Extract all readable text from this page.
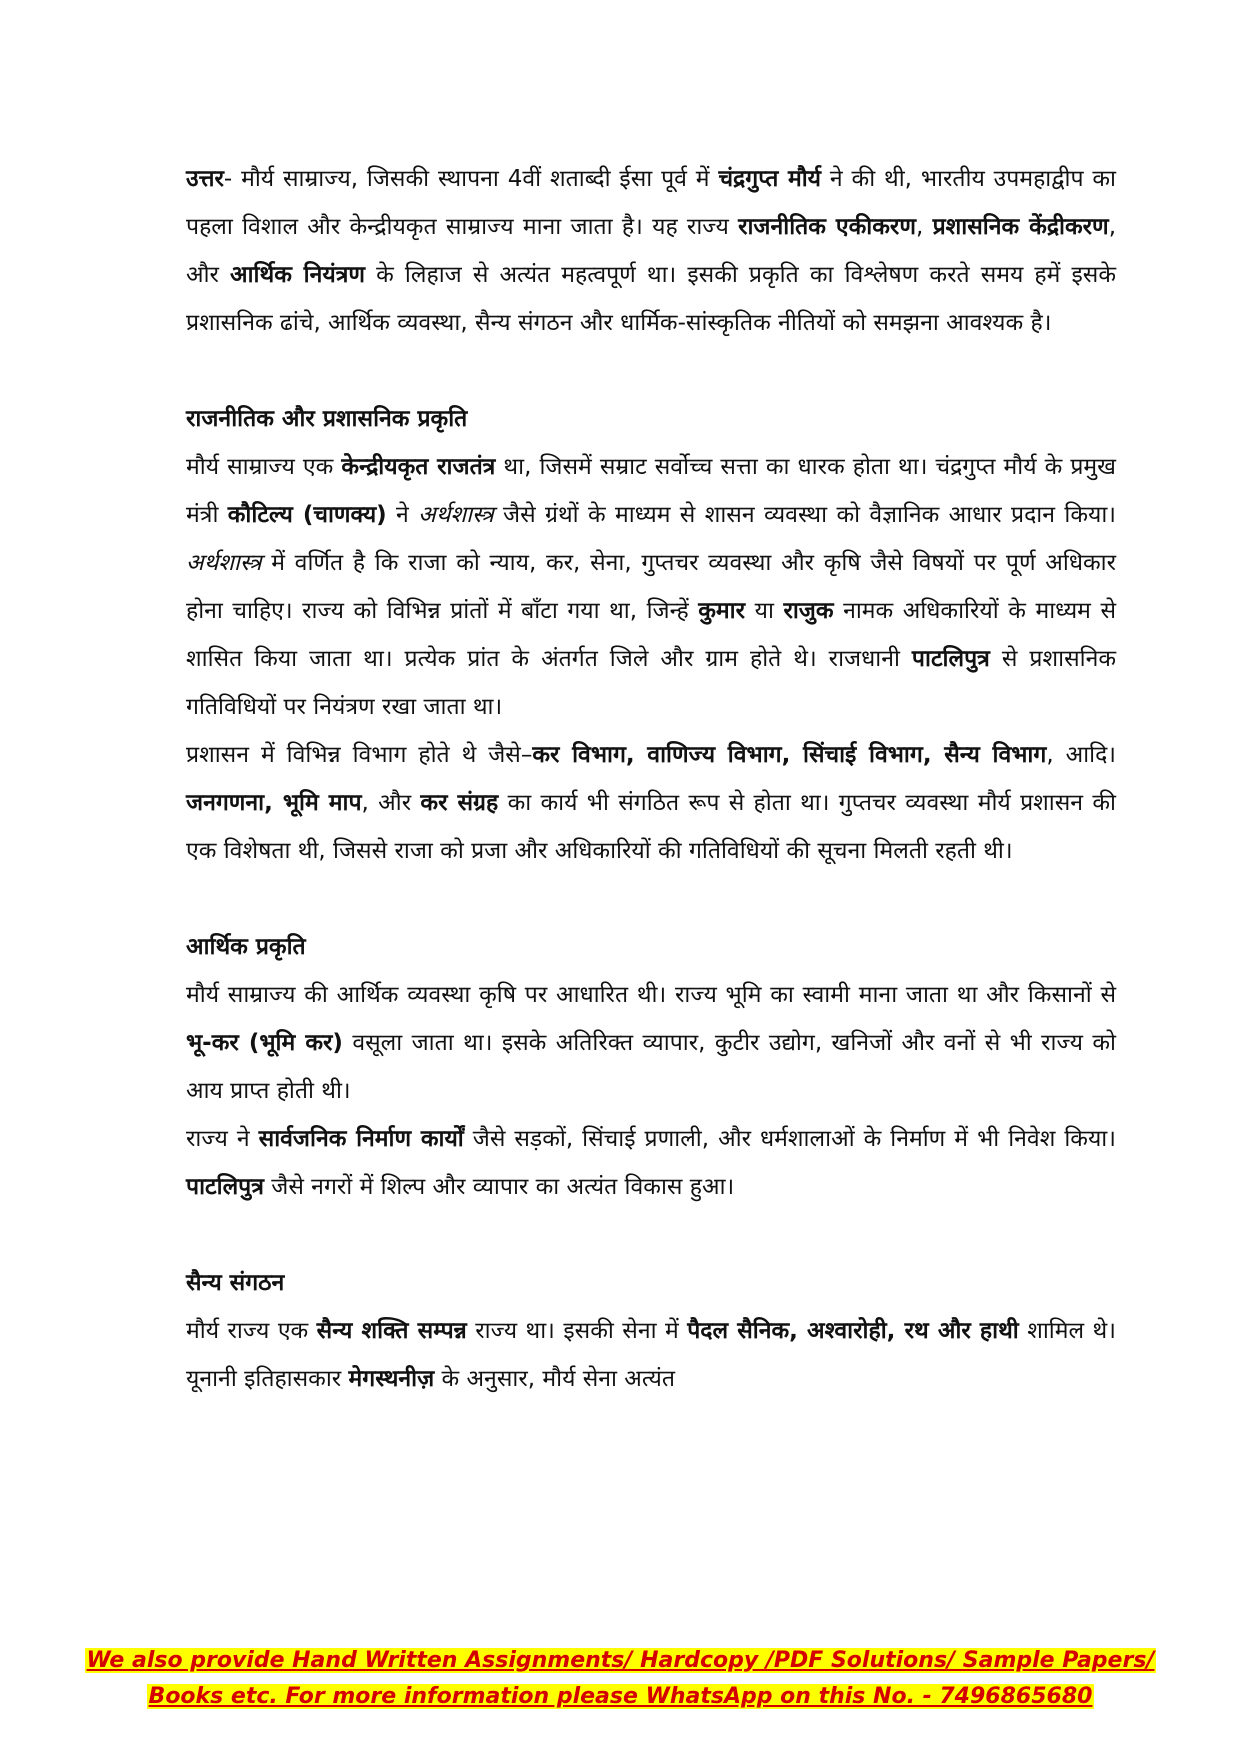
उत्तर- मौर्य साम्राज्य, जिसकी स्थापना 4वीं शताब्दी ईसा पूर्व में चंद्रगुप्त मौर्य ने की थी, भारतीय उपमहाद्वीप का पहला विशाल और केन्द्रीयकृत साम्राज्य माना जाता है। यह राज्य राजनीतिक एकीकरण, प्रशासनिक केंद्रीकरण, और आर्थिक नियंत्रण के लिहाज से अत्यंत महत्वपूर्ण था। इसकी प्रकृति का विश्लेषण करते समय हमें इसके प्रशासनिक ढांचे, आर्थिक व्यवस्था, सैन्य संगठन और धार्मिक-सांस्कृतिक नीतियों को समझना आवश्यक है।

राजनीतिक और प्रशासनिक प्रकृति

मौर्य साम्राज्य एक केन्द्रीयकृत राजतंत्र था, जिसमें सम्राट सर्वोच्च सत्ता का धारक होता था। चंद्रगुप्त मौर्य के प्रमुख मंत्री कौटिल्य (चाणक्य) ने अर्थशास्त्र जैसे ग्रंथों के माध्यम से शासन व्यवस्था को वैज्ञानिक आधार प्रदान किया। अर्थशास्त्र में वर्णित है कि राजा को न्याय, कर, सेना, गुप्तचर व्यवस्था और कृषि जैसे विषयों पर पूर्ण अधिकार होना चाहिए। राज्य को विभिन्न प्रांतों में बाँटा गया था, जिन्हें कुमार या राजुक नामक अधिकारियों के माध्यम से शासित किया जाता था। प्रत्येक प्रांत के अंतर्गत जिले और ग्राम होते थे। राजधानी पाटलिपुत्र से प्रशासनिक गतिविधियों पर नियंत्रण रखा जाता था।

प्रशासन में विभिन्न विभाग होते थे जैसे–कर विभाग, वाणिज्य विभाग, सिंचाई विभाग, सैन्य विभाग, आदि। जनगणना, भूमि माप, और कर संग्रह का कार्य भी संगठित रूप से होता था। गुप्तचर व्यवस्था मौर्य प्रशासन की एक विशेषता थी, जिससे राजा को प्रजा और अधिकारियों की गतिविधियों की सूचना मिलती रहती थी।

आर्थिक प्रकृति

मौर्य साम्राज्य की आर्थिक व्यवस्था कृषि पर आधारित थी। राज्य भूमि का स्वामी माना जाता था और किसानों से भू-कर (भूमि कर) वसूला जाता था। इसके अतिरिक्त व्यापार, कुटीर उद्योग, खनिजों और वनों से भी राज्य को आय प्राप्त होती थी।

राज्य ने सार्वजनिक निर्माण कार्यों जैसे सड़कों, सिंचाई प्रणाली, और धर्मशालाओं के निर्माण में भी निवेश किया। पाटलिपुत्र जैसे नगरों में शिल्प और व्यापार का अत्यंत विकास हुआ।

सैन्य संगठन

मौर्य राज्य एक सैन्य शक्ति सम्पन्न राज्य था। इसकी सेना में पैदल सैनिक, अश्वारोही, रथ और हाथी शामिल थे। यूनानी इतिहासकार मेगस्थनीज़ के अनुसार, मौर्य सेना अत्यंत

We also provide Hand Written Assignments/ Hardcopy /PDF Solutions/ Sample Papers/
Books etc. For more information please WhatsApp on this No. - 7496865680
